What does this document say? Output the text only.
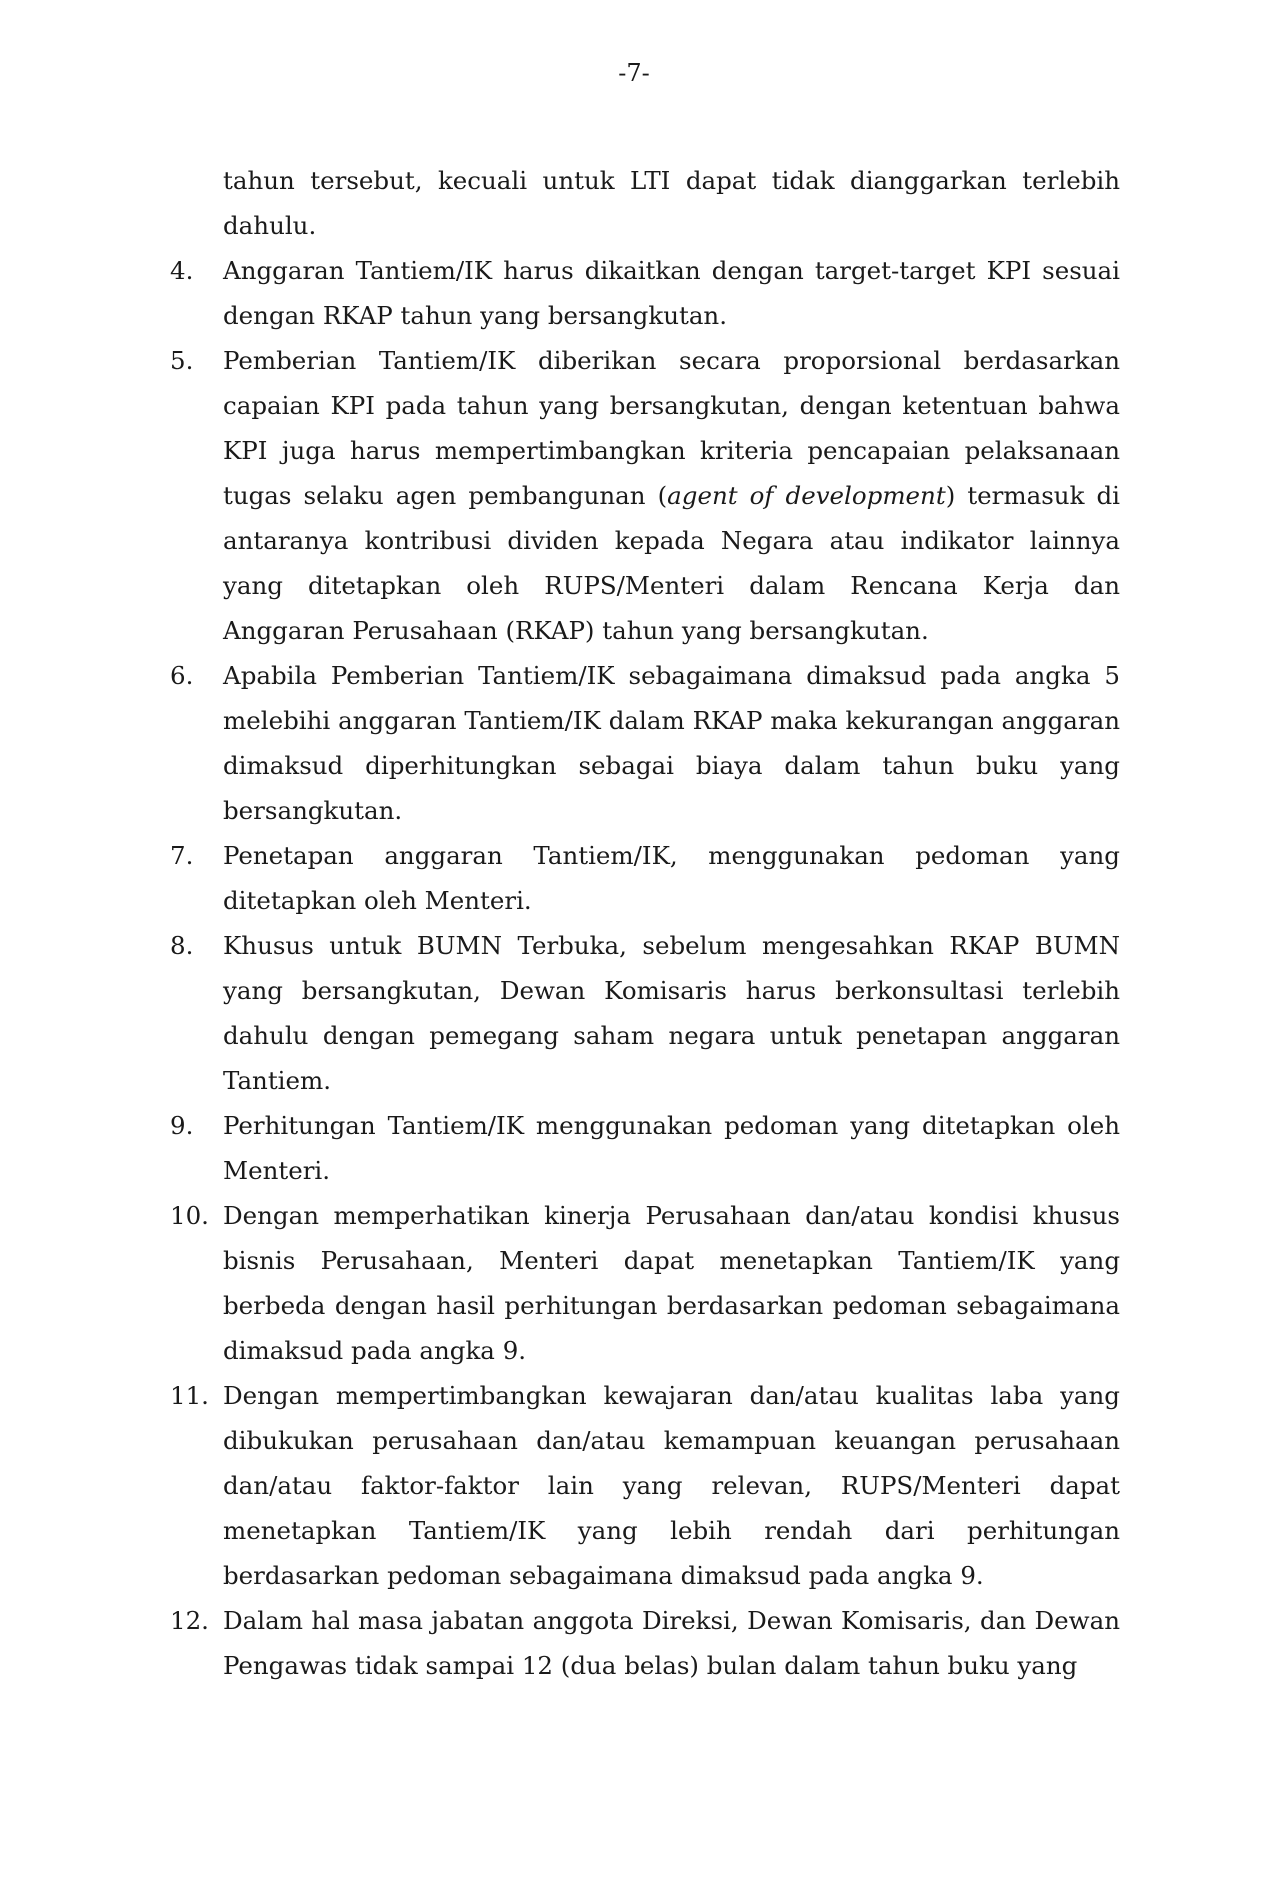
-7-
tahun tersebut, kecuali untuk LTI dapat tidak dianggarkan terlebih dahulu.
4.	Anggaran Tantiem/IK harus dikaitkan dengan target-target KPI sesuai dengan RKAP tahun yang bersangkutan.
5.	Pemberian Tantiem/IK diberikan secara proporsional berdasarkan capaian KPI pada tahun yang bersangkutan, dengan ketentuan bahwa KPI juga harus mempertimbangkan kriteria pencapaian pelaksanaan tugas selaku agen pembangunan (agent of development) termasuk di antaranya kontribusi dividen kepada Negara atau indikator lainnya yang ditetapkan oleh RUPS/Menteri dalam Rencana Kerja dan Anggaran Perusahaan (RKAP) tahun yang bersangkutan.
6.	Apabila Pemberian Tantiem/IK sebagaimana dimaksud pada angka 5 melebihi anggaran Tantiem/IK dalam RKAP maka kekurangan anggaran dimaksud diperhitungkan sebagai biaya dalam tahun buku yang bersangkutan.
7.	Penetapan anggaran Tantiem/IK, menggunakan pedoman yang ditetapkan oleh Menteri.
8.	Khusus untuk BUMN Terbuka, sebelum mengesahkan RKAP BUMN yang bersangkutan, Dewan Komisaris harus berkonsultasi terlebih dahulu dengan pemegang saham negara untuk penetapan anggaran Tantiem.
9.	Perhitungan Tantiem/IK menggunakan pedoman yang ditetapkan oleh Menteri.
10. Dengan memperhatikan kinerja Perusahaan dan/atau kondisi khusus bisnis Perusahaan, Menteri dapat menetapkan Tantiem/IK yang berbeda dengan hasil perhitungan berdasarkan pedoman sebagaimana dimaksud pada angka 9.
11. Dengan mempertimbangkan kewajaran dan/atau kualitas laba yang dibukukan perusahaan dan/atau kemampuan keuangan perusahaan dan/atau faktor-faktor lain yang relevan, RUPS/Menteri dapat menetapkan Tantiem/IK yang lebih rendah dari perhitungan berdasarkan pedoman sebagaimana dimaksud pada angka 9.
12. Dalam hal masa jabatan anggota Direksi, Dewan Komisaris, dan Dewan Pengawas tidak sampai 12 (dua belas) bulan dalam tahun buku yang
